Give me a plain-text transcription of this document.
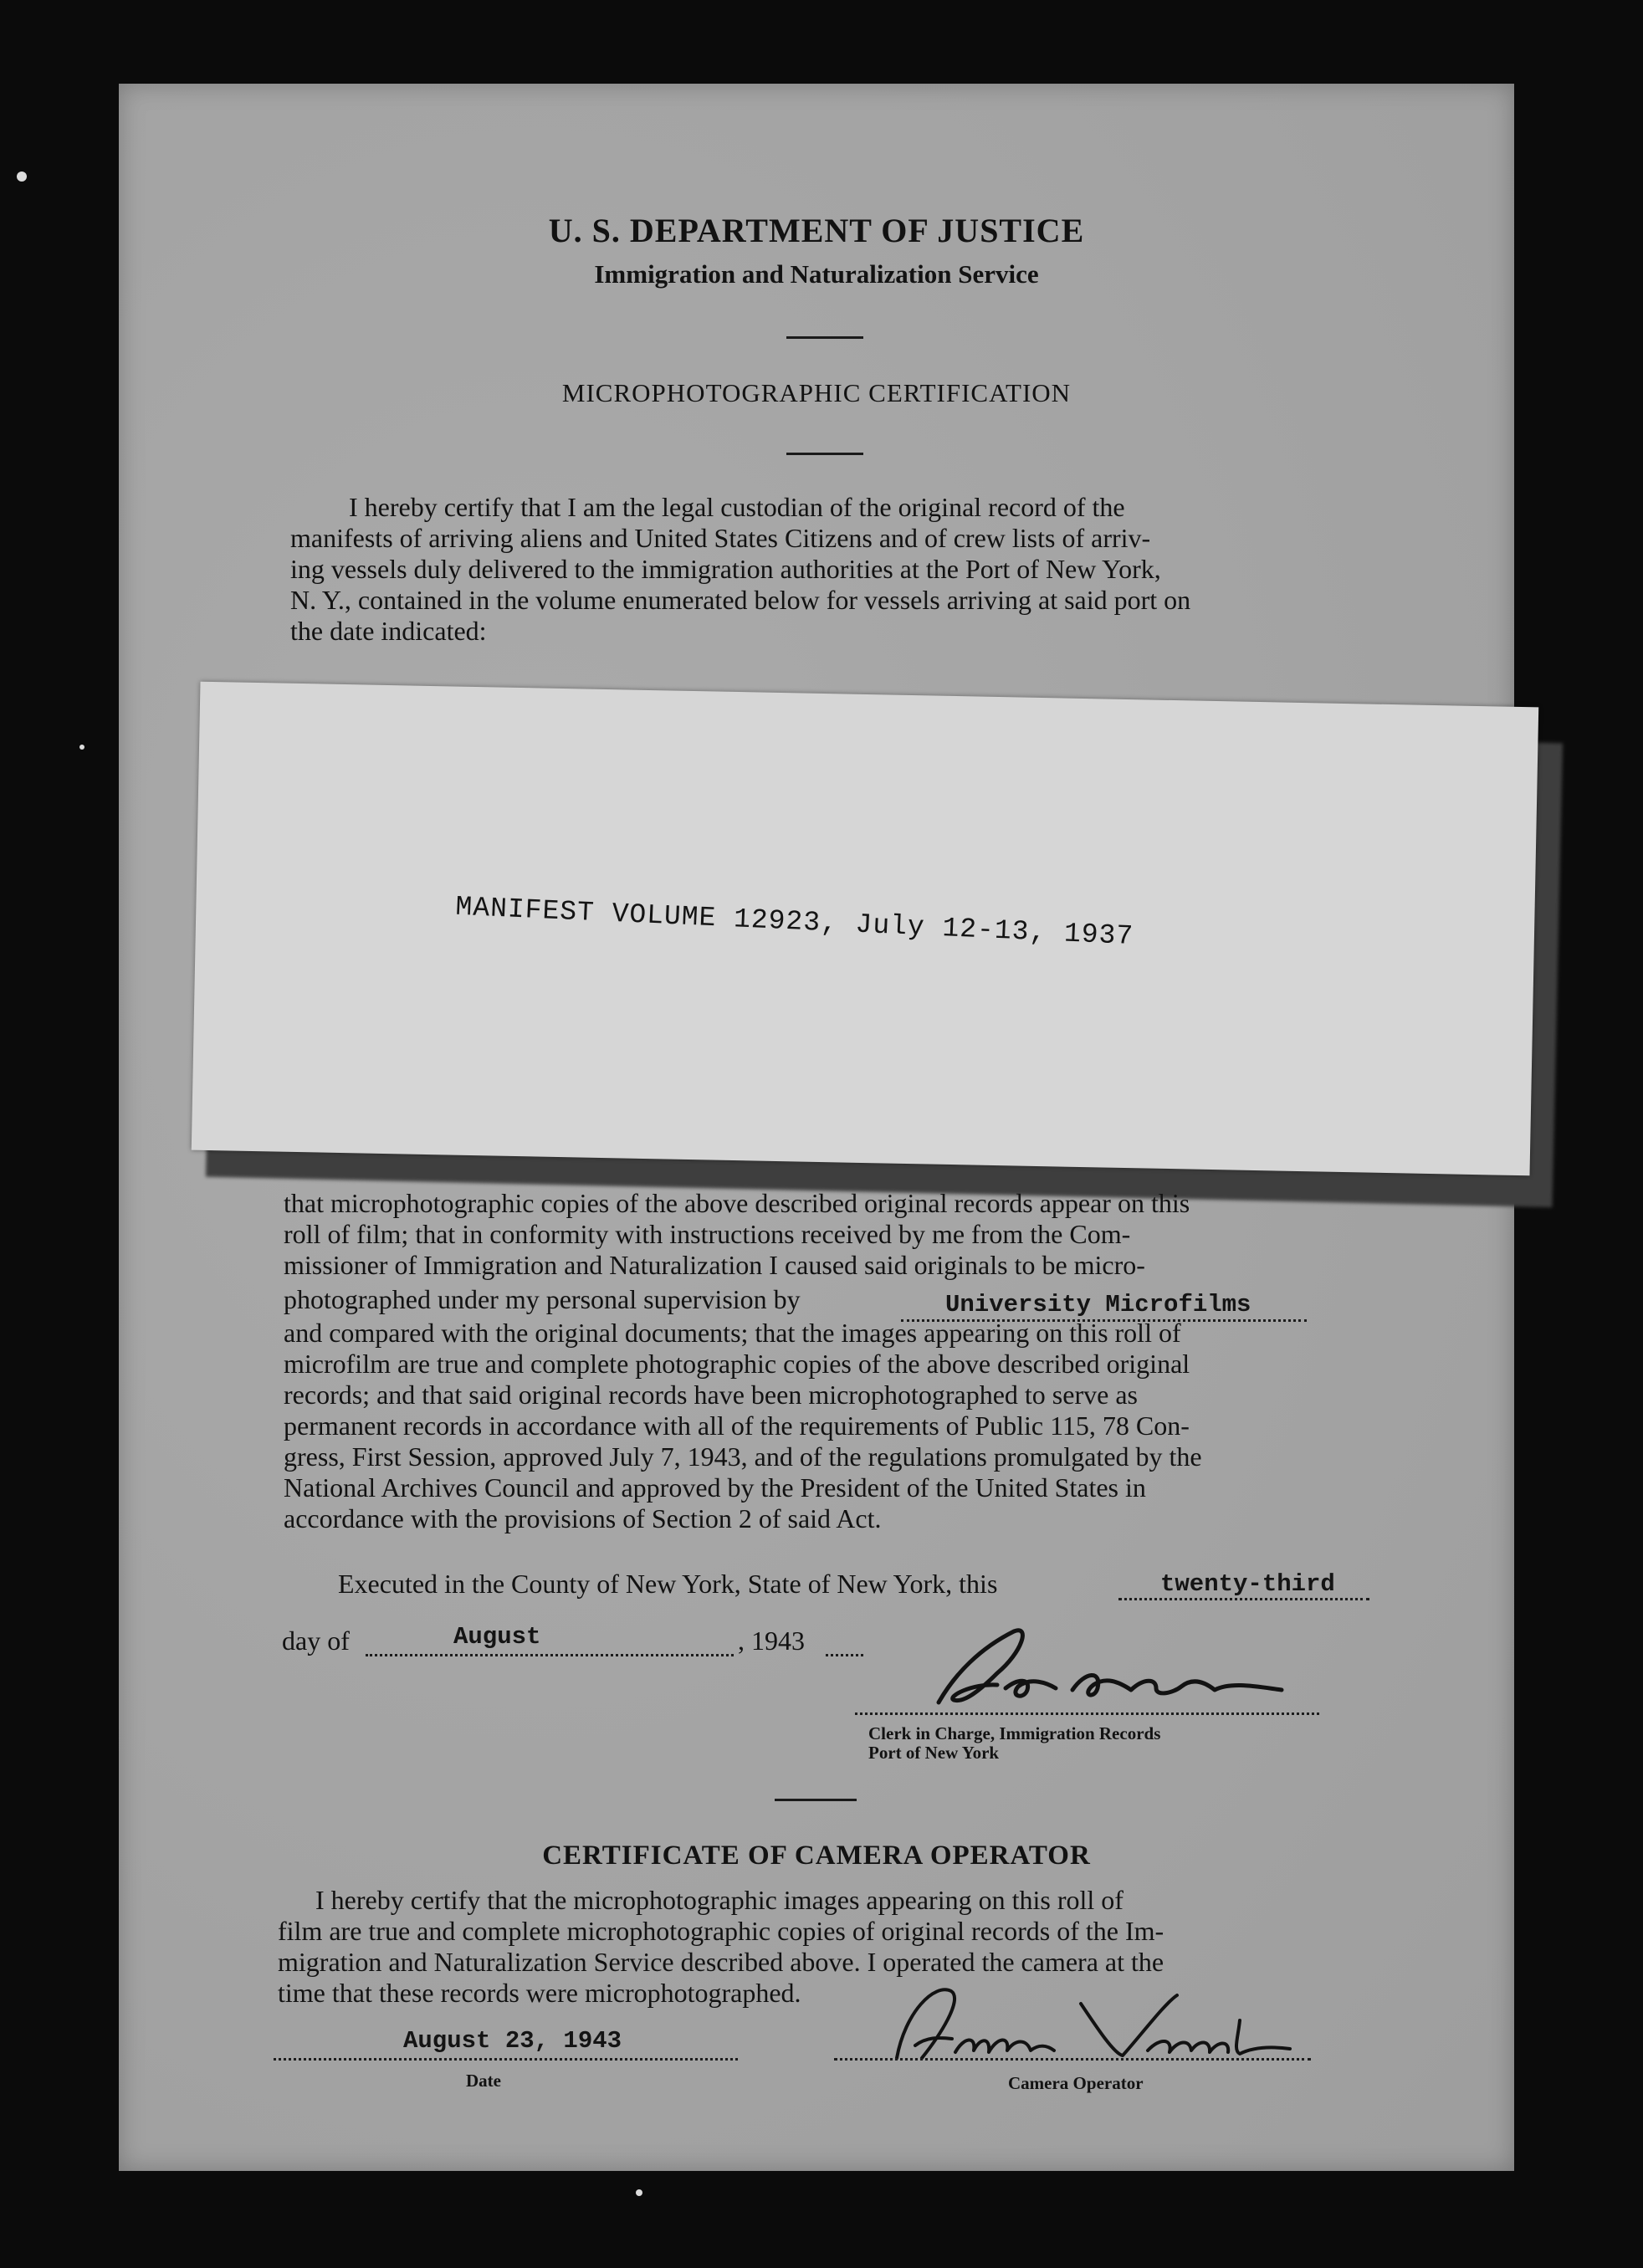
U. S. DEPARTMENT OF JUSTICE
Immigration and Naturalization Service
MICROPHOTOGRAPHIC CERTIFICATION
I hereby certify that I am the legal custodian of the original record of the
manifests of arriving aliens and United States Citizens and of crew lists of arriv-
ing vessels duly delivered to the immigration authorities at the Port of New York,
N. Y., contained in the volume enumerated below for vessels arriving at said port on
the date indicated:
MANIFEST VOLUME 12923, July 12-13, 1937
that microphotographic copies of the above described original records appear on this
roll of film; that in conformity with instructions received by me from the Com-
missioner of Immigration and Naturalization I caused said originals to be micro-
photographed under my personal supervision by
and compared with the original documents; that the images appearing on this roll of
microfilm are true and complete photographic copies of the above described original
records; and that said original records have been microphotographed to serve as
permanent records in accordance with all of the requirements of Public 115, 78 Con-
gress, First Session, approved July 7, 1943, and of the regulations promulgated by the
National Archives Council and approved by the President of the United States in
accordance with the provisions of Section 2 of said Act.
University Microfilms
Executed in the County of New York, State of New York, this	twenty-third
day of	August	, 1943
Clerk in Charge, Immigration Records
Port of New York
CERTIFICATE OF CAMERA OPERATOR
I hereby certify that the microphotographic images appearing on this roll of
film are true and complete microphotographic copies of original records of the Im-
migration and Naturalization Service described above. I operated the camera at the
time that these records were microphotographed.
August 23, 1943
Date	Camera Operator
